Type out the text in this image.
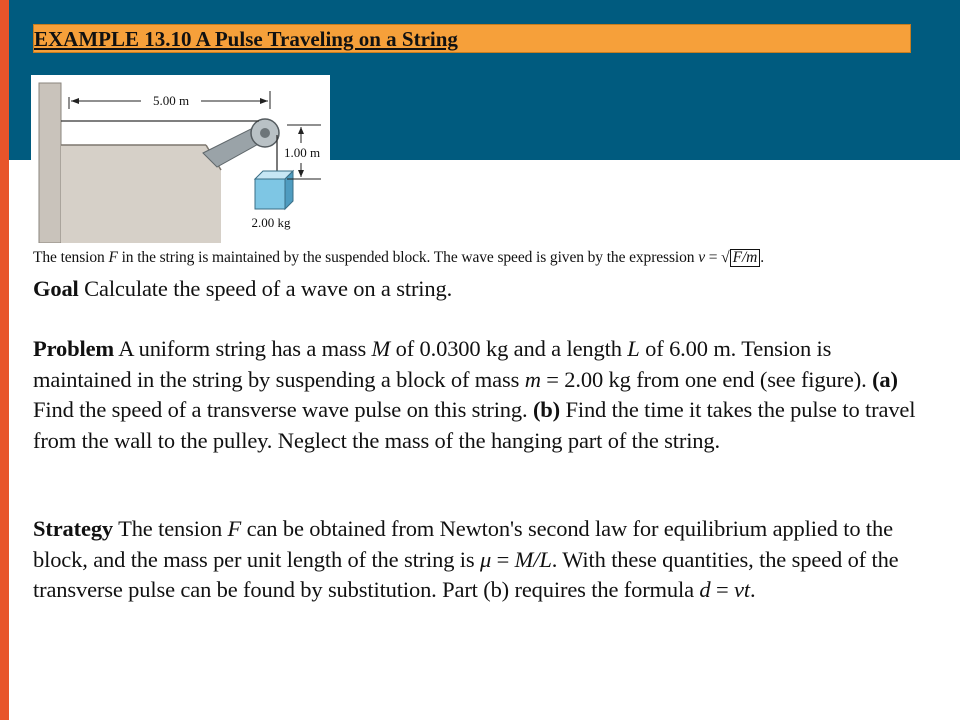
EXAMPLE 13.10 A Pulse Traveling on a String
5.00 m
1.00 m
2.00 kg
The tension F in the string is maintained by the suspended block. The wave speed is given by the expression v = √ F/m .
Goal Calculate the speed of a wave on a string.
Problem A uniform string has a mass M of 0.0300 kg and a length L of 6.00 m. Tension is maintained in the string by suspending a block of mass m = 2.00 kg from one end (see figure). (a) Find the speed of a transverse wave pulse on this string. (b) Find the time it takes the pulse to travel from the wall to the pulley. Neglect the mass of the hanging part of the string.
Strategy The tension F can be obtained from Newton's second law for equilibrium applied to the block, and the mass per unit length of the string is μ = M/L. With these quantities, the speed of the transverse pulse can be found by substitution. Part (b) requires the formula d = vt.
